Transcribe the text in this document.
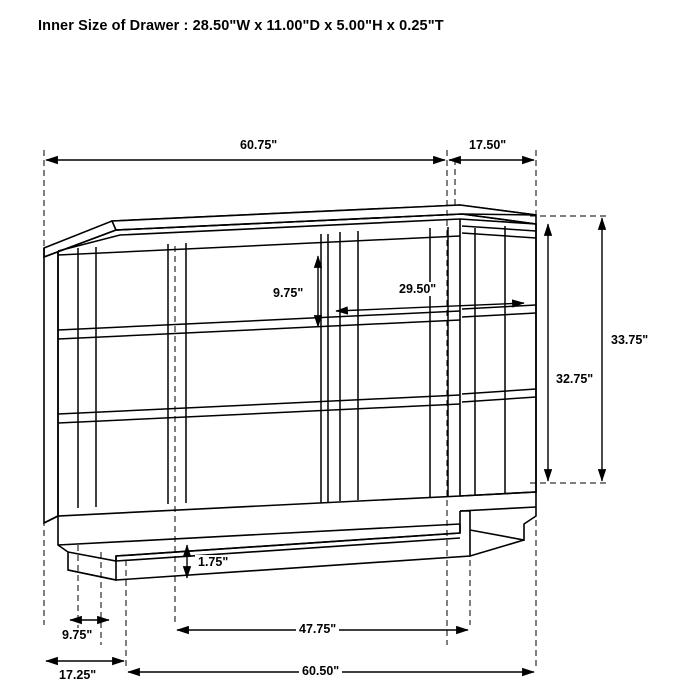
Inner Size of Drawer : 28.50"W x 11.00"D x 5.00"H x 0.25"T
60.75"	17.50"
9.75"	29.50"
33.75"
32.75"
1.75"
9.75"
17.25"
47.75"
60.50"
